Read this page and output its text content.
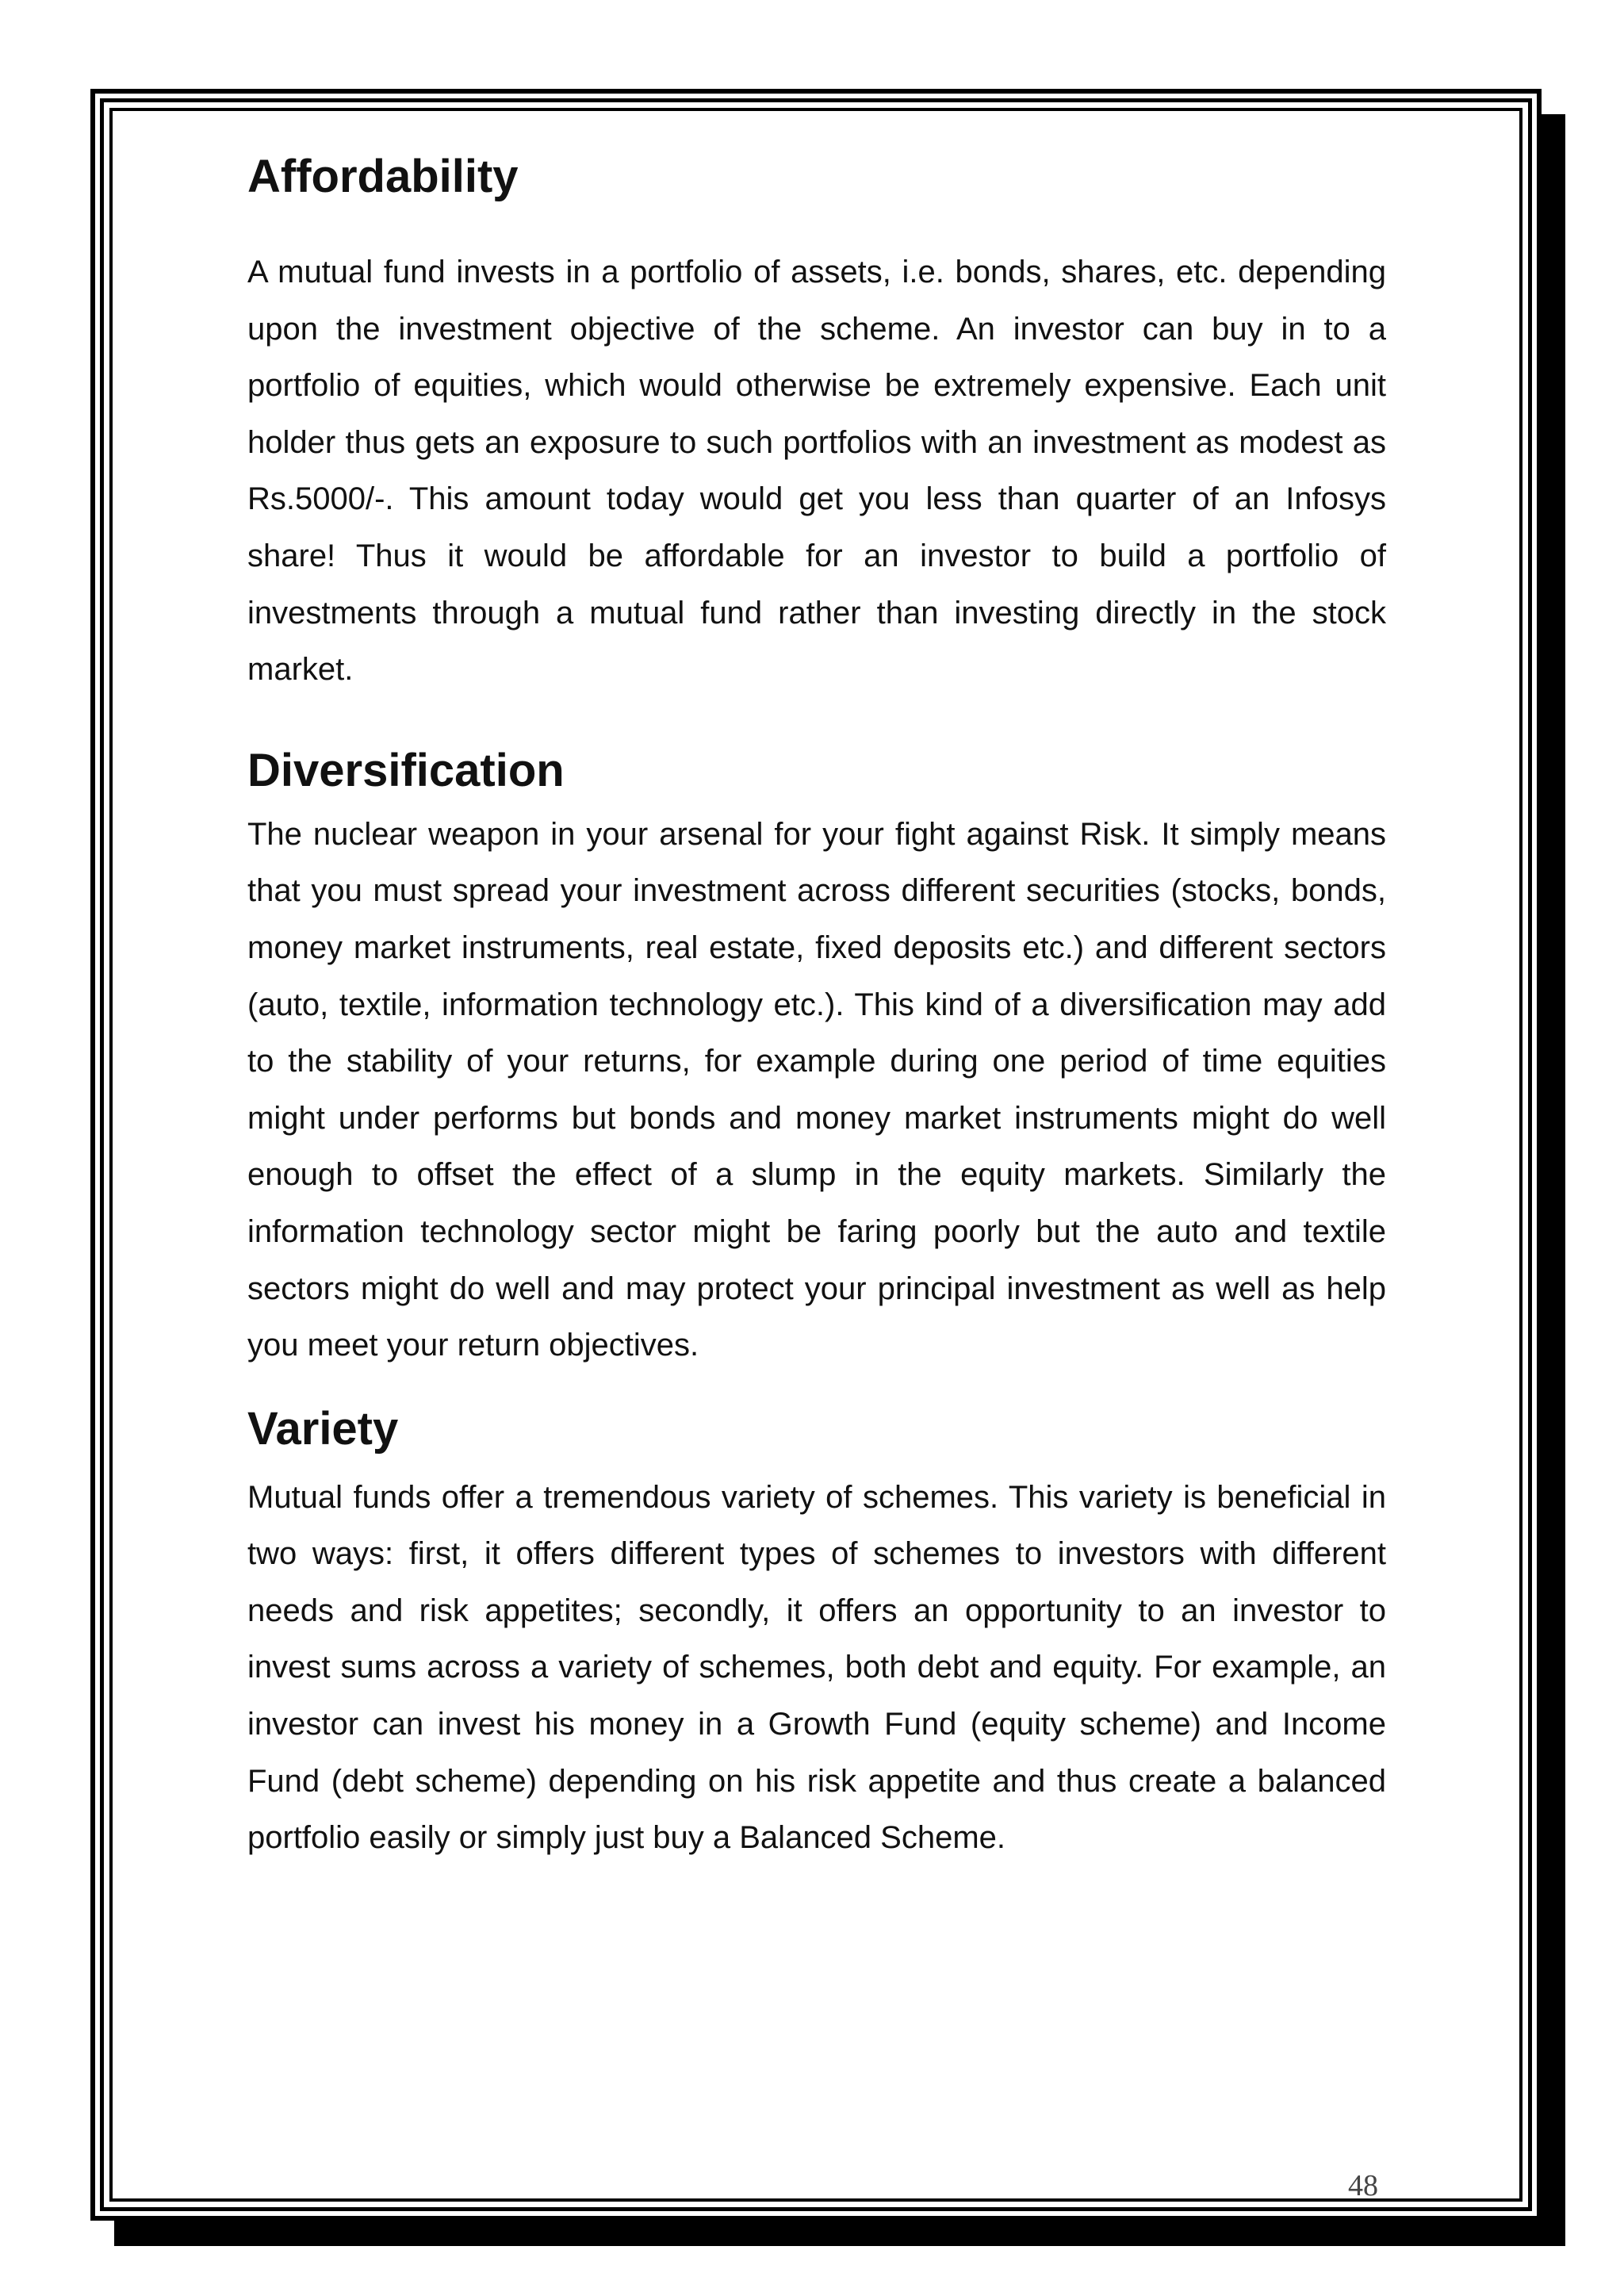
Affordability

A mutual fund invests in a portfolio of assets, i.e. bonds, shares, etc. depending upon the investment objective of the scheme. An investor can buy in to a portfolio of equities, which would otherwise be extremely expensive. Each unit holder thus gets an exposure to such portfolios with an investment as modest as Rs.5000/-. This amount today would get you less than quarter of an Infosys share! Thus it would be affordable for an investor to build a portfolio of investments through a mutual fund rather than investing directly in the stock market.

Diversification

The nuclear weapon in your arsenal for your fight against Risk. It simply means that you must spread your investment across different securities (stocks, bonds, money market instruments, real estate, fixed deposits etc.) and different sectors (auto, textile, information technology etc.). This kind of a diversification may add to the stability of your returns, for example during one period of time equities might under performs but bonds and money market instruments might do well enough to offset the effect of a slump in the equity markets. Similarly the information technology sector might be faring poorly but the auto and textile sectors might do well and may protect your principal investment as well as help you meet your return objectives.

Variety

Mutual funds offer a tremendous variety of schemes. This variety is beneficial in two ways: first, it offers different types of schemes to investors with different needs and risk appetites; secondly, it offers an opportunity to an investor to invest sums across a variety of schemes, both debt and equity. For example, an investor can invest his money in a Growth Fund (equity scheme) and Income Fund (debt scheme) depending on his risk appetite and thus create a balanced portfolio easily or simply just buy a Balanced Scheme.

48
